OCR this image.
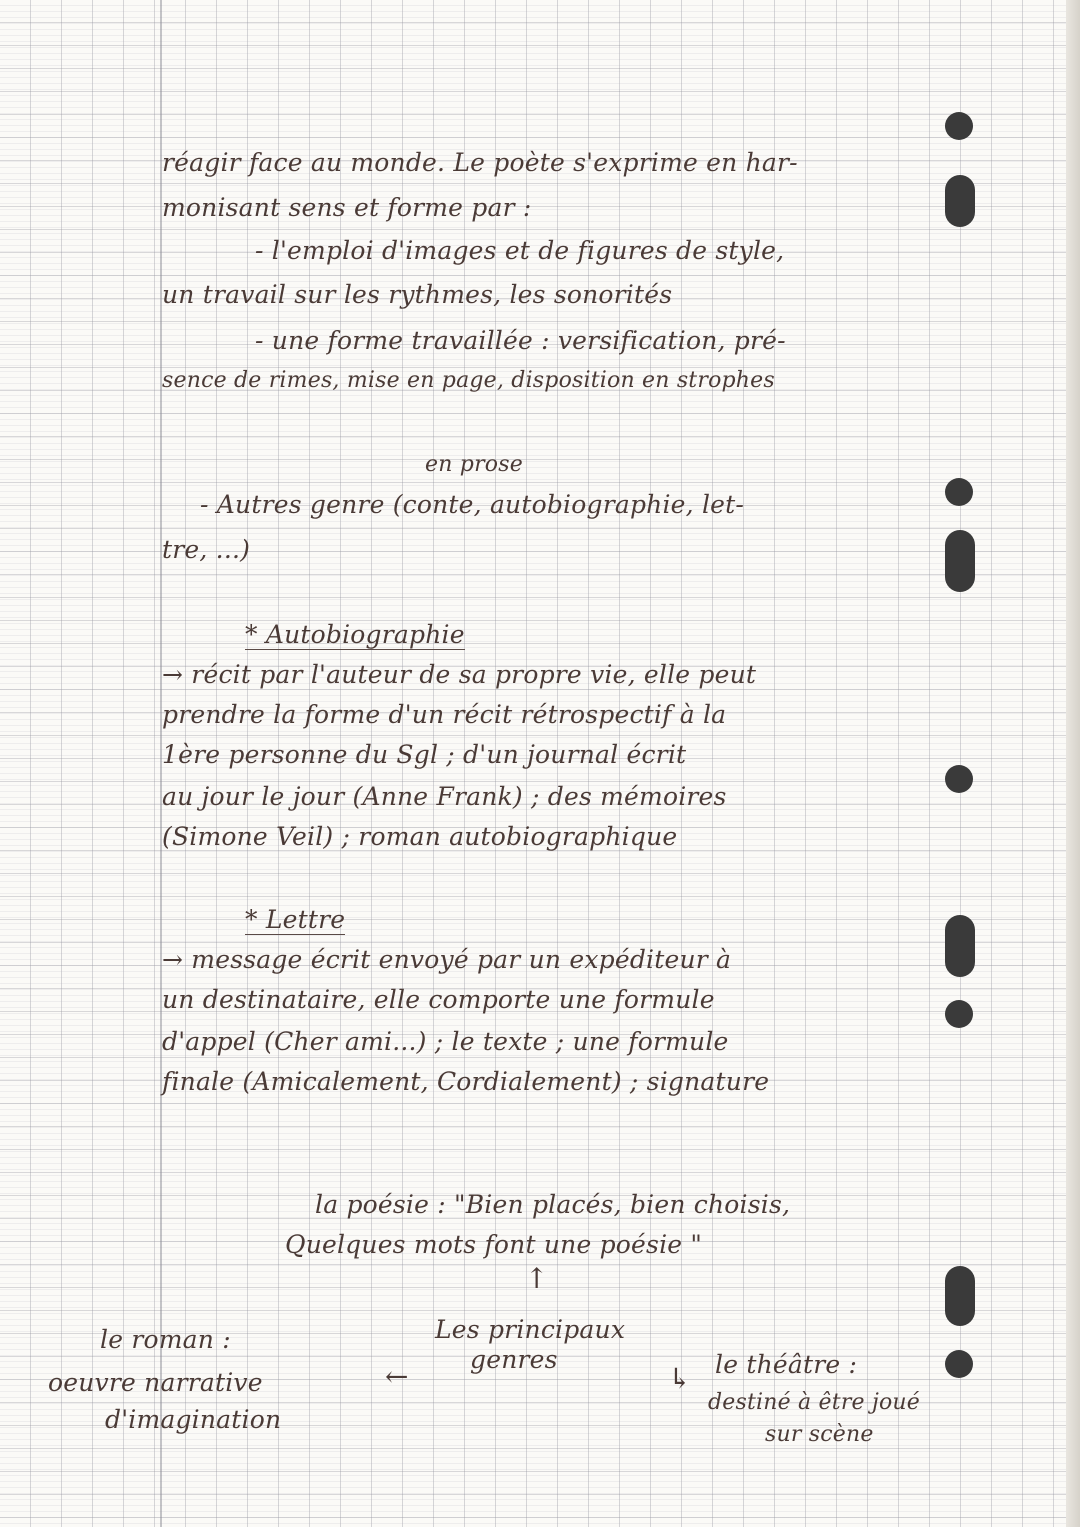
réagir face au monde. Le poète s'exprime en har-
monisant sens et forme par :
- l'emploi d'images et de figures de style,
un travail sur les rythmes, les sonorités
- une forme travaillée : versification, pré-
sence de rimes, mise en page, disposition en strophes
en prose
- Autres genre (conte, autobiographie, let-
tre, ...)
* Autobiographie
→ récit par l'auteur de sa propre vie, elle peut
prendre la forme d'un récit rétrospectif à la
1ère personne du Sgl ; d'un journal écrit
au jour le jour (Anne Frank) ; des mémoires
(Simone Veil) ; roman autobiographique
* Lettre
→ message écrit envoyé par un expéditeur à
un destinataire, elle comporte une formule
d'appel (Cher ami...) ; le texte ; une formule
finale (Amicalement, Cordialement) ; signature
la poésie : "Bien placés, bien choisis,
Quelques mots font une poésie "
↑
Les principaux
genres
←	↳
le roman :
oeuvre narrative
d'imagination
le théâtre :
destiné à être joué
sur scène
